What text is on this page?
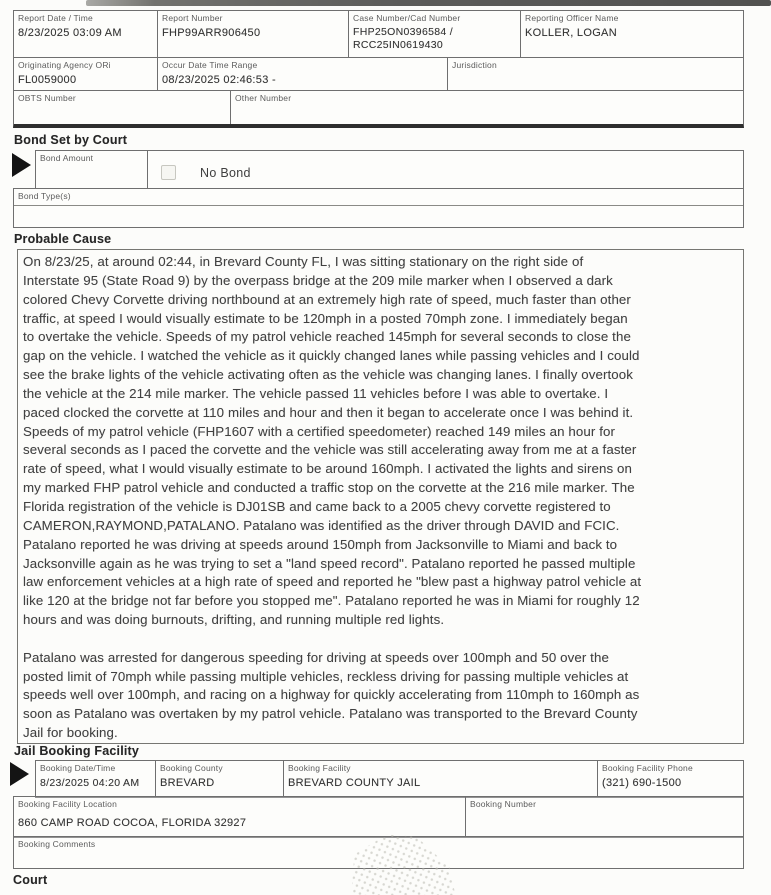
Report Date / Time
8/23/2025 03:09 AM
Report Number
FHP99ARR906450
Case Number/Cad Number
FHP25ON0396584 /
RCC25IN0619430
Reporting Officer Name
KOLLER, LOGAN
Originating Agency ORi
FL0059000
Occur Date Time Range
08/23/2025 02:46:53 -
Jurisdiction
OBTS Number	Other Number
Bond Set by Court
Bond Amount
No Bond
Bond Type(s)
Probable Cause
On 8/23/25, at around 02:44, in Brevard County FL, I was sitting stationary on the right side of
Interstate 95 (State Road 9) by the overpass bridge at the 209 mile marker when I observed a dark
colored Chevy Corvette driving northbound at an extremely high rate of speed, much faster than other
traffic, at speed I would visually estimate to be 120mph in a posted 70mph zone. I immediately began
to overtake the vehicle. Speeds of my patrol vehicle reached 145mph for several seconds to close the
gap on the vehicle. I watched the vehicle as it quickly changed lanes while passing vehicles and I could
see the brake lights of the vehicle activating often as the vehicle was changing lanes. I finally overtook
the vehicle at the 214 mile marker. The vehicle passed 11 vehicles before I was able to overtake. I
paced clocked the corvette at 110 miles and hour and then it began to accelerate once I was behind it.
Speeds of my patrol vehicle (FHP1607 with a certified speedometer) reached 149 miles an hour for
several seconds as I paced the corvette and the vehicle was still accelerating away from me at a faster
rate of speed, what I would visually estimate to be around 160mph. I activated the lights and sirens on
my marked FHP patrol vehicle and conducted a traffic stop on the corvette at the 216 mile marker. The
Florida registration of the vehicle is DJ01SB and came back to a 2005 chevy corvette registered to
CAMERON,RAYMOND,PATALANO. Patalano was identified as the driver through DAVID and FCIC.
Patalano reported he was driving at speeds around 150mph from Jacksonville to Miami and back to
Jacksonville again as he was trying to set a "land speed record". Patalano reported he passed multiple
law enforcement vehicles at a high rate of speed and reported he "blew past a highway patrol vehicle at
like 120 at the bridge not far before you stopped me". Patalano reported he was in Miami for roughly 12
hours and was doing burnouts, drifting, and running multiple red lights.
Patalano was arrested for dangerous speeding for driving at speeds over 100mph and 50 over the
posted limit of 70mph while passing multiple vehicles, reckless driving for passing multiple vehicles at
speeds well over 100mph, and racing on a highway for quickly accelerating from 110mph to 160mph as
soon as Patalano was overtaken by my patrol vehicle. Patalano was transported to the Brevard County
Jail for booking.
Jail Booking Facility
Booking Date/Time
8/23/2025 04:20 AM
Booking County
BREVARD
Booking Facility
BREVARD COUNTY JAIL
Booking Facility Phone
(321) 690-1500
Booking Facility Location
860 CAMP ROAD COCOA, FLORIDA 32927
Booking Number
Booking Comments
Court
